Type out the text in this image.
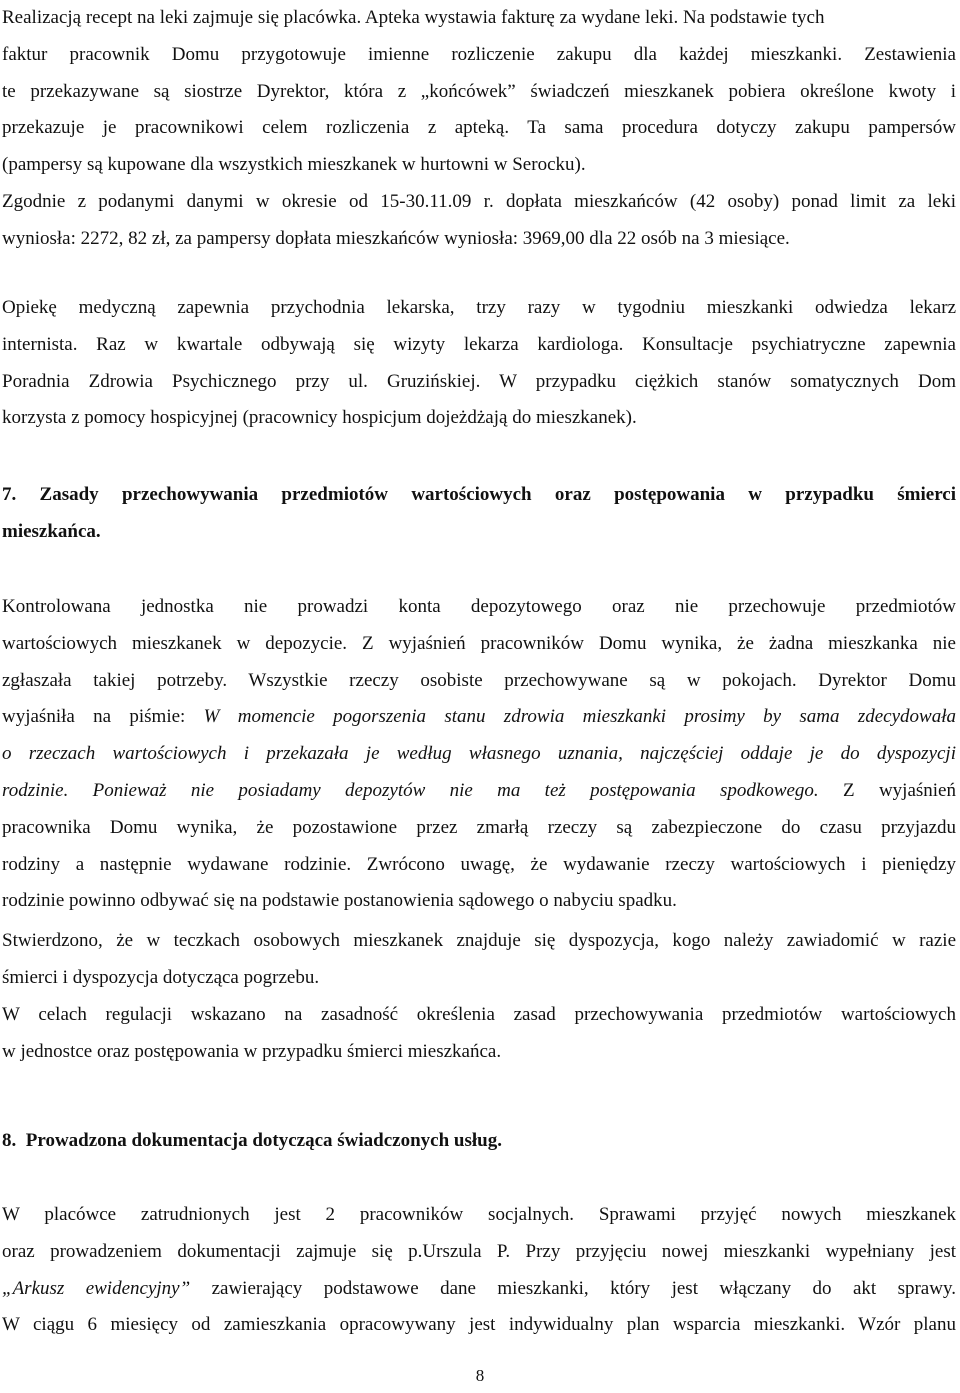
Realizacją recept na leki zajmuje się placówka. Apteka wystawia fakturę za wydane leki. Na podstawie tych

faktur pracownik Domu przygotowuje imienne rozliczenie zakupu dla każdej mieszkanki. Zestawienia

te przekazywane są siostrze Dyrektor, która z „końcówek” świadczeń mieszkanek pobiera określone kwoty i

przekazuje je pracownikowi celem rozliczenia z apteką. Ta sama procedura dotyczy zakupu pampersów

(pampersy są kupowane dla wszystkich mieszkanek w hurtowni w Serocku).

Zgodnie z podanymi danymi w okresie od 15-30.11.09 r. dopłata mieszkańców (42 osoby) ponad limit za leki

wyniosła: 2272, 82 zł, za pampersy dopłata mieszkańców wyniosła: 3969,00 dla 22 osób na 3 miesiące.

Opiekę medyczną zapewnia przychodnia lekarska, trzy razy w tygodniu mieszkanki odwiedza lekarz

internista. Raz w kwartale odbywają się wizyty lekarza kardiologa. Konsultacje psychiatryczne zapewnia

Poradnia Zdrowia Psychicznego przy ul. Gruzińskiej. W przypadku ciężkich stanów somatycznych Dom

korzysta z pomocy hospicyjnej (pracownicy hospicjum dojeżdżają do mieszkanek).

7. Zasady przechowywania przedmiotów wartościowych oraz postępowania w przypadku śmierci

mieszkańca.

Kontrolowana jednostka nie prowadzi konta depozytowego oraz nie przechowuje przedmiotów

wartościowych mieszkanek w depozycie. Z wyjaśnień pracowników Domu wynika, że żadna mieszkanka nie

zgłaszała takiej potrzeby. Wszystkie rzeczy osobiste przechowywane są w pokojach. Dyrektor Domu

wyjaśniła na piśmie: W momencie pogorszenia stanu zdrowia mieszkanki prosimy by sama zdecydowała

o rzeczach wartościowych i przekazała je według własnego uznania, najczęściej oddaje je do dyspozycji

rodzinie. Ponieważ nie posiadamy depozytów nie ma też postępowania spodkowego. Z wyjaśnień

pracownika Domu wynika, że pozostawione przez zmarłą rzeczy są zabezpieczone do czasu przyjazdu

rodziny a następnie wydawane rodzinie. Zwrócono uwagę, że wydawanie rzeczy wartościowych i pieniędzy

rodzinie powinno odbywać się na podstawie postanowienia sądowego o nabyciu spadku.

Stwierdzono, że w teczkach osobowych mieszkanek znajduje się dyspozycja, kogo należy zawiadomić w razie

śmierci i dyspozycja dotycząca pogrzebu.

W celach regulacji wskazano na zasadność określenia zasad przechowywania przedmiotów wartościowych

w jednostce oraz postępowania w przypadku śmierci mieszkańca.

8.  Prowadzona dokumentacja dotycząca świadczonych usług.

W placówce zatrudnionych jest 2 pracowników socjalnych. Sprawami przyjęć nowych mieszkanek

oraz prowadzeniem dokumentacji zajmuje się p.Urszula P. Przy przyjęciu nowej mieszkanki wypełniany jest

„Arkusz ewidencyjny” zawierający podstawowe dane mieszkanki, który jest włączany do akt sprawy.

W ciągu 6 miesięcy od zamieszkania opracowywany jest indywidualny plan wsparcia mieszkanki. Wzór planu

8
